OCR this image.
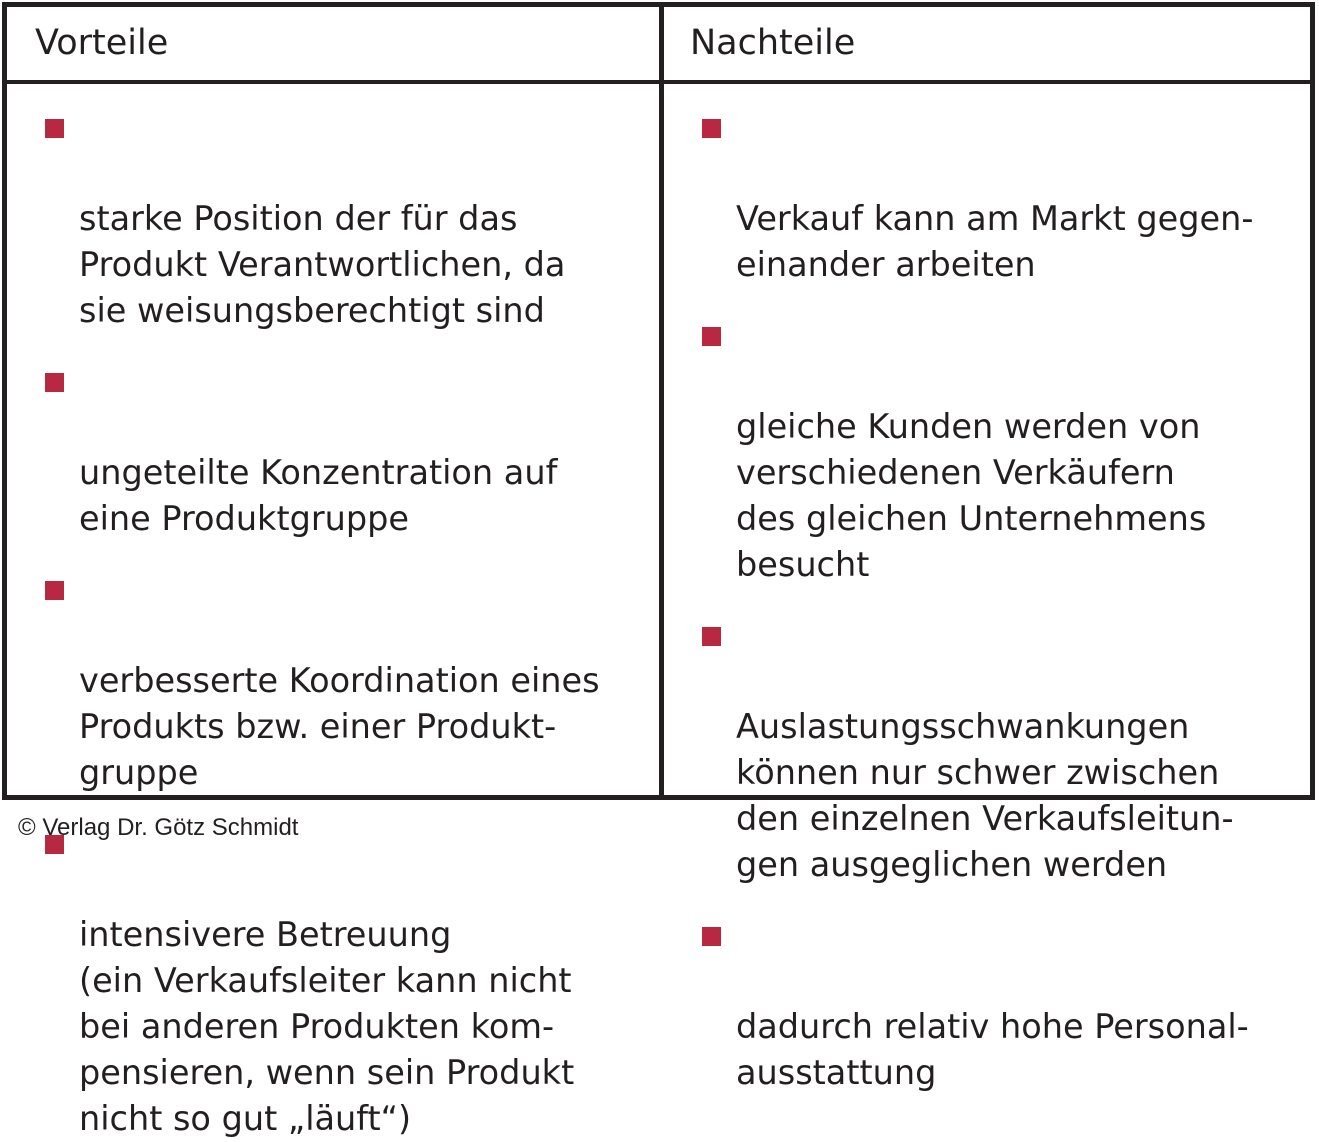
Vorteile

starke Position der für das
Produkt Verantwortlichen, da
sie weisungsberechtigt sind

ungeteilte Konzentration auf
eine Produktgruppe

verbesserte Koordination eines
Produkts bzw. einer Produkt-
gruppe

intensivere Betreuung
(ein Verkaufsleiter kann nicht
bei anderen Produkten kom-
pensieren, wenn sein Produkt
nicht so gut „läuft“)

Nachteile

Verkauf kann am Markt gegen-
einander arbeiten

gleiche Kunden werden von
verschiedenen Verkäufern
des gleichen Unternehmens
besucht

Auslastungsschwankungen
können nur schwer zwischen
den einzelnen Verkaufsleitun-
gen ausgeglichen werden

dadurch relativ hohe Personal-
ausstattung

© Verlag Dr. Götz Schmidt
